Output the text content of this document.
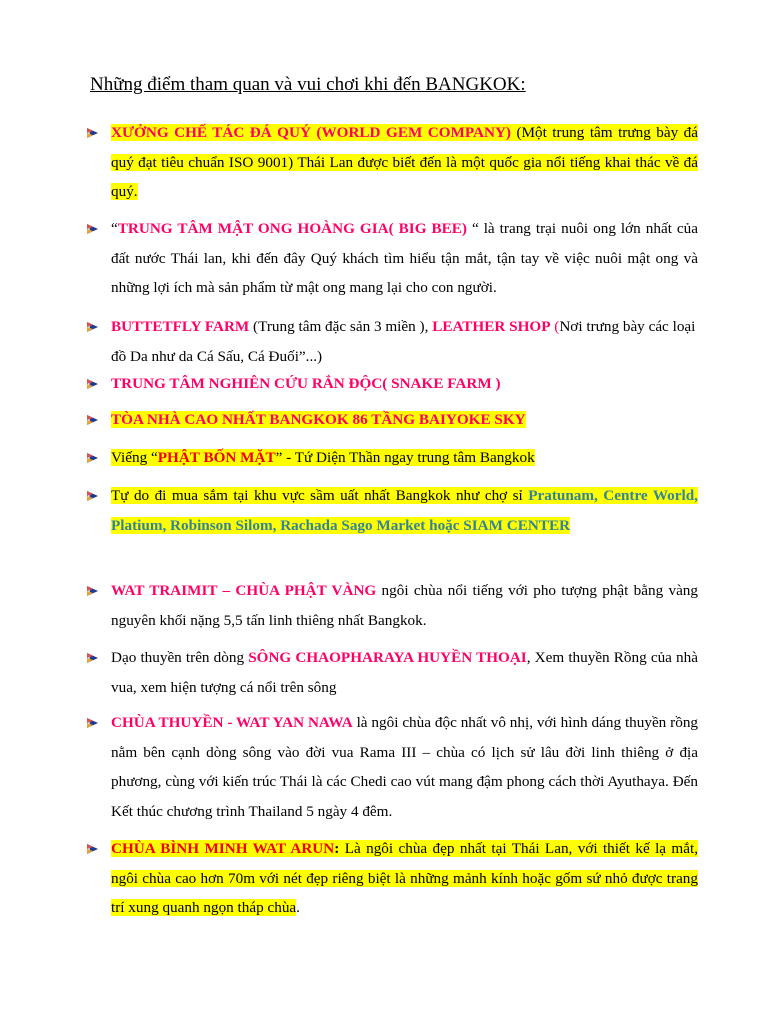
Những điểm tham quan và vui chơi khi đến BANGKOK:
XƯỞNG CHẾ TÁC ĐÁ QUÝ (WORLD GEM COMPANY) (Một trung tâm trưng bày đá quý đạt tiêu chuẩn ISO 9001) Thái Lan được biết đến là một quốc gia nổi tiếng khai thác về đá quý.
“TRUNG TÂM MẬT ONG HOÀNG GIA( BIG BEE) “ là trang trại nuôi ong lớn nhất của đất nước Thái lan, khi đến đây Quý khách tìm hiểu tận mắt, tận tay về việc nuôi mật ong và những lợi ích mà sản phẩm từ mật ong mang lại cho con người.
BUTTETFLY FARM (Trung tâm đặc sản 3 miền ), LEATHER SHOP (Nơi trưng bày các loại đồ Da như da Cá Sấu, Cá Đuối”...)
TRUNG TÂM NGHIÊN CỨU RẮN ĐỘC( SNAKE FARM )
TÒA NHÀ CAO NHẤT BANGKOK 86 TẦNG BAIYOKE SKY
Viếng “PHẬT BỐN MẶT” - Tứ Diện Thần ngay trung tâm Bangkok
Tự do đi mua sắm tại khu vực sầm uất nhất Bangkok như chợ sỉ Pratunam, Centre World, Platium, Robinson Silom, Rachada Sago Market hoặc SIAM CENTER
WAT TRAIMIT – CHÙA PHẬT VÀNG ngôi chùa nổi tiếng với pho tượng phật bằng vàng nguyên khối nặng 5,5 tấn linh thiêng nhất Bangkok.
Dạo thuyền trên dòng SÔNG CHAOPHARAYA HUYỀN THOẠI, Xem thuyền Rồng của nhà vua, xem hiện tượng cá nổi trên sông
CHÙA THUYỀN - WAT YAN NAWA là ngôi chùa độc nhất vô nhị, với hình dáng thuyền rồng nằm bên cạnh dòng sông vào đời vua Rama III – chùa có lịch sử lâu đời linh thiêng ở địa phương, cùng với kiến trúc Thái là các Chedi cao vút mang đậm phong cách thời Ayuthaya. Đến Kết thúc chương trình Thailand 5 ngày 4 đêm.
CHÙA BÌNH MINH WAT ARUN: Là ngôi chùa đẹp nhất tại Thái Lan, với thiết kế lạ mắt, ngôi chùa cao hơn 70m với nét đẹp riêng biệt là những mảnh kính hoặc gốm sứ nhỏ được trang trí xung quanh ngọn tháp chùa.
